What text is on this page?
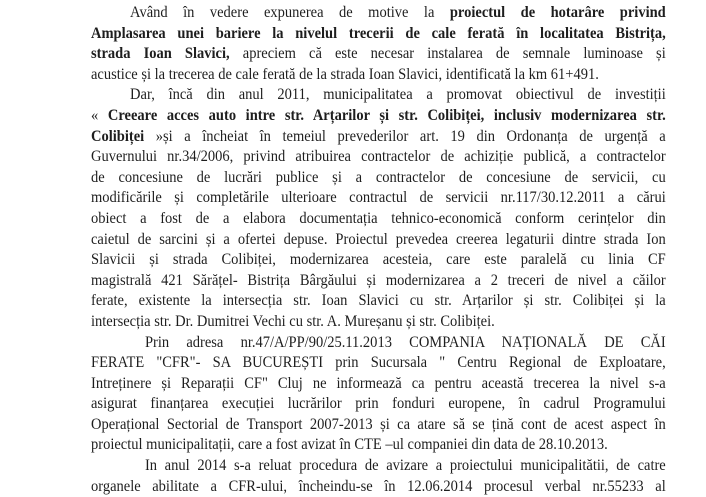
Având în vedere expunerea de motive la proiectul de hotarâre privind
Amplasarea unei bariere la nivelul trecerii de cale ferată în localitatea Bistrița,
strada Ioan Slavici, apreciem că este necesar instalarea de semnale luminoase și
acustice și la trecerea de cale ferată de la strada Ioan Slavici, identificată la km 61+491.
Dar, încă din anul 2011, municipalitatea a promovat obiectivul de investiții
« Creeare acces auto intre str. Arțarilor și str. Colibiței, inclusiv modernizarea str.
Colibiței »și a încheiat în temeiul prevederilor art. 19 din Ordonanța de urgență a
Guvernului nr.34/2006, privind atribuirea contractelor de achiziție publică, a contractelor
de concesiune de lucrări publice și a contractelor de concesiune de servicii, cu
modificările și completările ulterioare contractul de servicii nr.117/30.12.2011 a cărui
obiect a fost de a elabora documentația tehnico-economică conform cerințelor din
caietul de sarcini și a ofertei depuse. Proiectul prevedea creerea legaturii dintre strada Ion
Slavicii și strada Colibiței, modernizarea acesteia, care este paralelă cu linia CF
magistrală 421 Sărățel- Bistrița Bârgăului și modernizarea a 2 treceri de nivel a căilor
ferate, existente la intersecția str. Ioan Slavici cu str. Arțarilor și str. Colibiței și la
intersecția str. Dr. Dumitrei Vechi cu str. A. Mureșanu și str. Colibiței.
Prin adresa nr.47/A/PP/90/25.11.2013 COMPANIA NAȚIONALĂ DE CĂI
FERATE "CFR"- SA BUCUREȘTI prin Sucursala " Centru Regional de Exploatare,
Intreținere și Reparații CF" Cluj ne informează ca pentru această trecerea la nivel s-a
asigurat finanțarea execuției lucrărilor prin fonduri europene, în cadrul Programului
Operațional Sectorial de Transport 2007-2013 și ca atare să se țină cont de acest aspect în
proiectul municipalitații, care a fost avizat în CTE –ul companiei din data de 28.10.2013.
In anul 2014 s-a reluat procedura de avizare a proiectului municipalitătii, de catre
organele abilitate a CFR-ului, încheindu-se în 12.06.2014 procesul verbal nr.55233 al
